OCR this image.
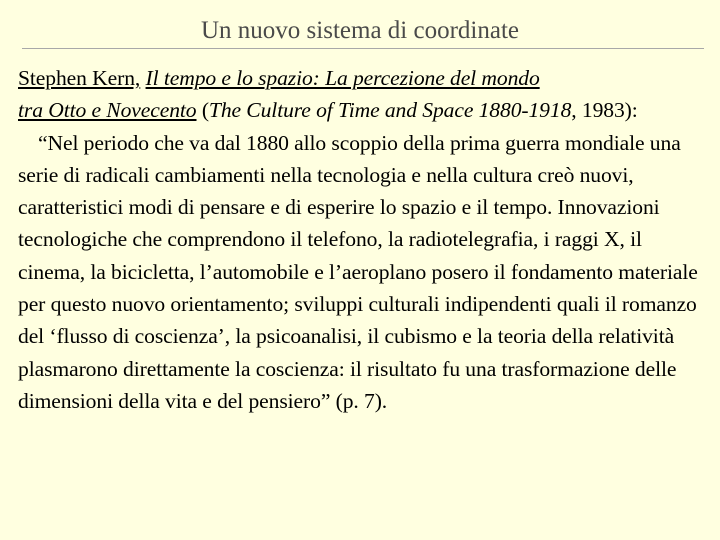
Un nuovo sistema di coordinate
Stephen Kern, Il tempo e lo spazio: La percezione del mondo
tra Otto e Novecento (The Culture of Time and Space 1880-1918, 1983):
“Nel periodo che va dal 1880 allo scoppio della prima guerra mondiale una serie di radicali cambiamenti nella tecnologia e nella cultura creò nuovi, caratteristici modi di pensare e di esperire lo spazio e il tempo. Innovazioni tecnologiche che comprendono il telefono, la radiotelegrafia, i raggi X, il cinema, la bicicletta, l’automobile e l’aeroplano posero il fondamento materiale per questo nuovo orientamento; sviluppi culturali indipendenti quali il romanzo del ‘flusso di coscienza’, la psicoanalisi, il cubismo e la teoria della relatività plasmarono direttamente la coscienza: il risultato fu una trasformazione delle dimensioni della vita e del pensiero” (p. 7).
